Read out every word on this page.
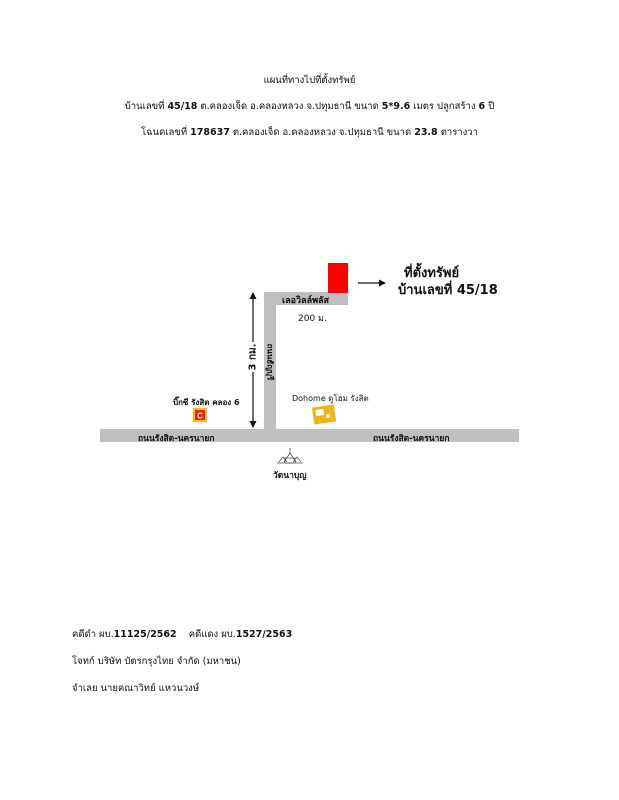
แผนที่ทางไปที่ตั้งทรัพย์
บ้านเลขที่ 45/18 ต.คลองเจ็ด อ.คลองหลวง จ.ปทุมธานี ขนาด 5*9.6 เมตร ปลูกสร้าง 6 ปี
โฉนดเลขที่ 178637 ต.คลองเจ็ด อ.คลองหลวง จ.ปทุมธานี ขนาด 23.8 ตารางวา
C
ที่ตั้งทรัพย์
บ้านเลขที่ 45/18
เลอวิลล์พลัส
200 ม.
3 กม. ถนนธัญบุรี
บิ๊กซี รังสิต คลอง 6	Dohome ดูโฮม รังสิต
ถนนรังสิต-นครนายก	ถนนรังสิต-นครนายก
วัดนาบุญ
คดีดำ ผบ.11125/2562 คดีแดง ผบ.1527/2563
โจทก์ บริษัท บัตรกรุงไทย จำกัด (มหาชน)
จำเลย นายคณาวิทย์ แหวนวงษ์
